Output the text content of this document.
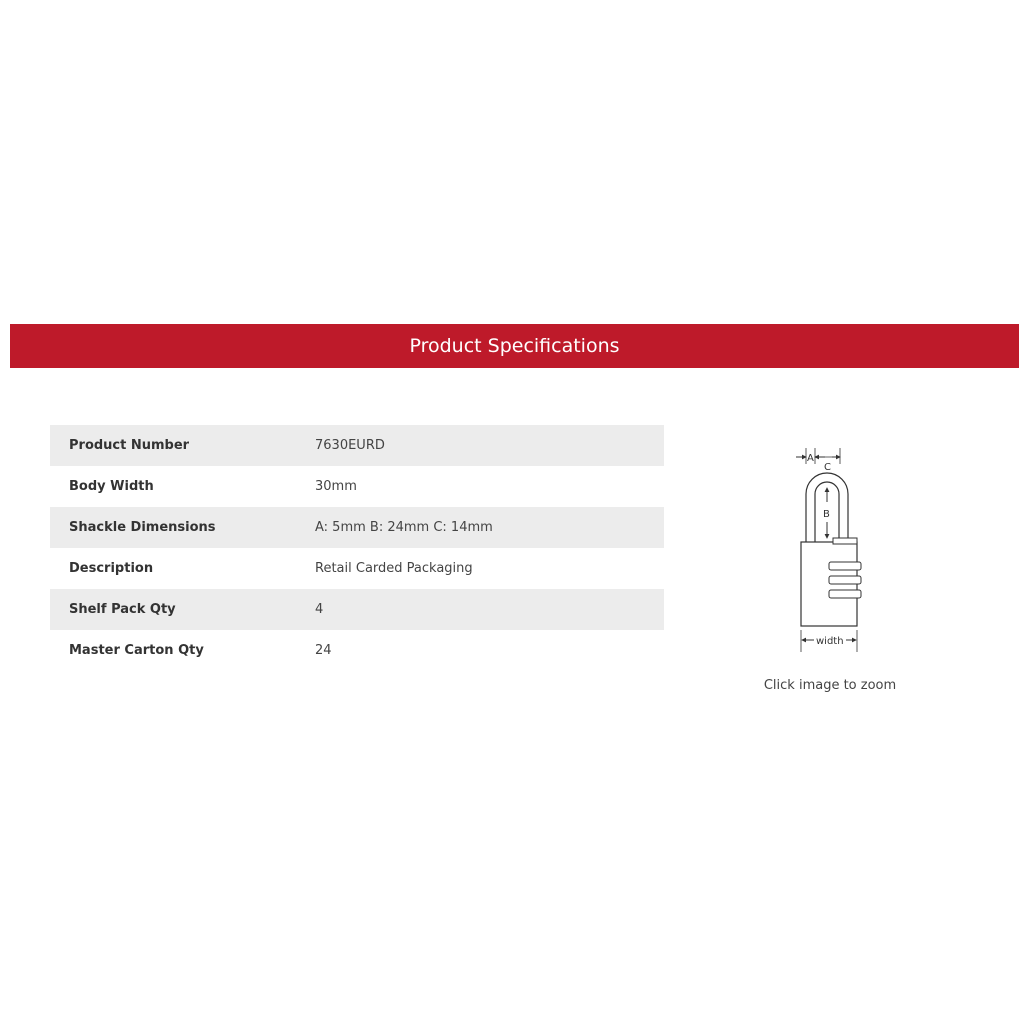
Product Specifications
Product Number	7630EURD
Body Width	30mm
Shackle Dimensions	A: 5mm B: 24mm C: 14mm
Description	Retail Carded Packaging
Shelf Pack Qty	4
Master Carton Qty	24
A
C
B
width
Click image to zoom
